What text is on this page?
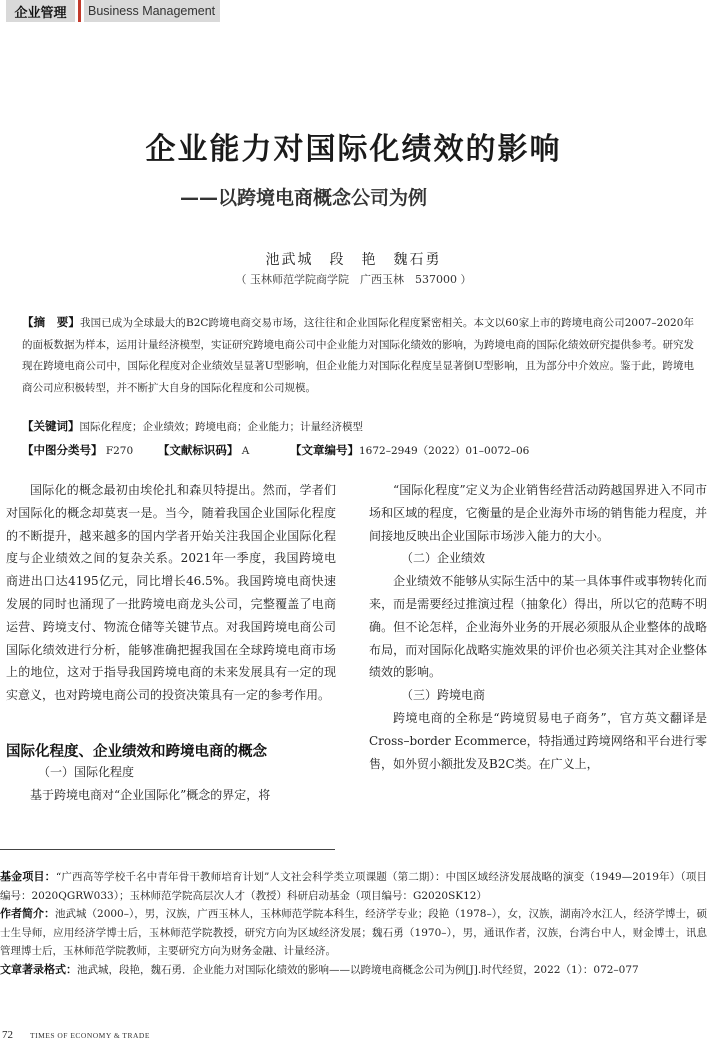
企业管理	Business Management
企业能力对国际化绩效的影响
——以跨境电商概念公司为例
池武城　段　艳　魏石勇
（ 玉林师范学院商学院　广西玉林　537000 ）
【摘　要】我国已成为全球最大的B2C跨境电商交易市场，这往往和企业国际化程度紧密相关。本文以60家上市的跨境电商公司2007–2020年的面板数据为样本，运用计量经济模型，实证研究跨境电商公司中企业能力对国际化绩效的影响，为跨境电商的国际化绩效研究提供参考。研究发现在跨境电商公司中，国际化程度对企业绩效呈显著U型影响，但企业能力对国际化程度呈显著倒U型影响，且为部分中介效应。鉴于此，跨境电商公司应积极转型，并不断扩大自身的国际化程度和公司规模。
【关键词】国际化程度；企业绩效；跨境电商；企业能力；计量经济模型
【中图分类号】 F270 【文献标识码】 A	【文章编号】1672–2949（2022）01–0072–06

国际化的概念最初由埃伦扎和森贝特提出。然而，学者们对国际化的概念却莫衷一是。当今，随着我国企业国际化程度的不断提升，越来越多的国内学者开始关注我国企业国际化程度与企业绩效之间的复杂关系。2021年一季度，我国跨境电商进出口达4195亿元，同比增长46.5%。我国跨境电商快速发展的同时也涌现了一批跨境电商龙头公司，完整覆盖了电商运营、跨境支付、物流仓储等关键节点。对我国跨境电商公司国际化绩效进行分析，能够准确把握我国在全球跨境电商市场上的地位，这对于指导我国跨境电商的未来发展具有一定的现实意义，也对跨境电商公司的投资决策具有一定的参考作用。

国际化程度、企业绩效和跨境电商的概念

（一）国际化程度

基于跨境电商对“企业国际化”概念的界定，将

“国际化程度”定义为企业销售经营活动跨越国界进入不同市场和区域的程度，它衡量的是企业海外市场的销售能力程度，并间接地反映出企业国际市场涉入能力的大小。

（二）企业绩效

企业绩效不能够从实际生活中的某一具体事件或事物转化而来，而是需要经过推演过程（抽象化）得出，所以它的范畴不明确。但不论怎样，企业海外业务的开展必须服从企业整体的战略布局，而对国际化战略实施效果的评价也必须关注其对企业整体绩效的影响。

（三）跨境电商

跨境电商的全称是“跨境贸易电子商务”，官方英文翻译是Cross–border Ecommerce，特指通过跨境网络和平台进行零售，如外贸小额批发及B2C类。在广义上，

基金项目：“广西高等学校千名中青年骨干教师培育计划”人文社会科学类立项课题（第二期）：中国区域经济发展战略的演变（1949—2019年）（项目编号：2020QGRW033）；玉林师范学院高层次人才（教授）科研启动基金（项目编号：G2020SK12）

作者简介：池武城（2000–），男，汉族，广西玉林人，玉林师范学院本科生，经济学专业；段艳（1978–），女，汉族，湖南冷水江人，经济学博士，硕士生导师，应用经济学博士后，玉林师范学院教授，研究方向为区域经济发展；魏石勇（1970–），男，通讯作者，汉族，台湾台中人，财金博士，讯息管理博士后，玉林师范学院教师，主要研究方向为财务金融、计量经济。

文章著录格式：池武城，段艳，魏石勇．企业能力对国际化绩效的影响——以跨境电商概念公司为例[J].时代经贸，2022（1）：072–077

72 TIMES OF ECONOMY & TRADE
